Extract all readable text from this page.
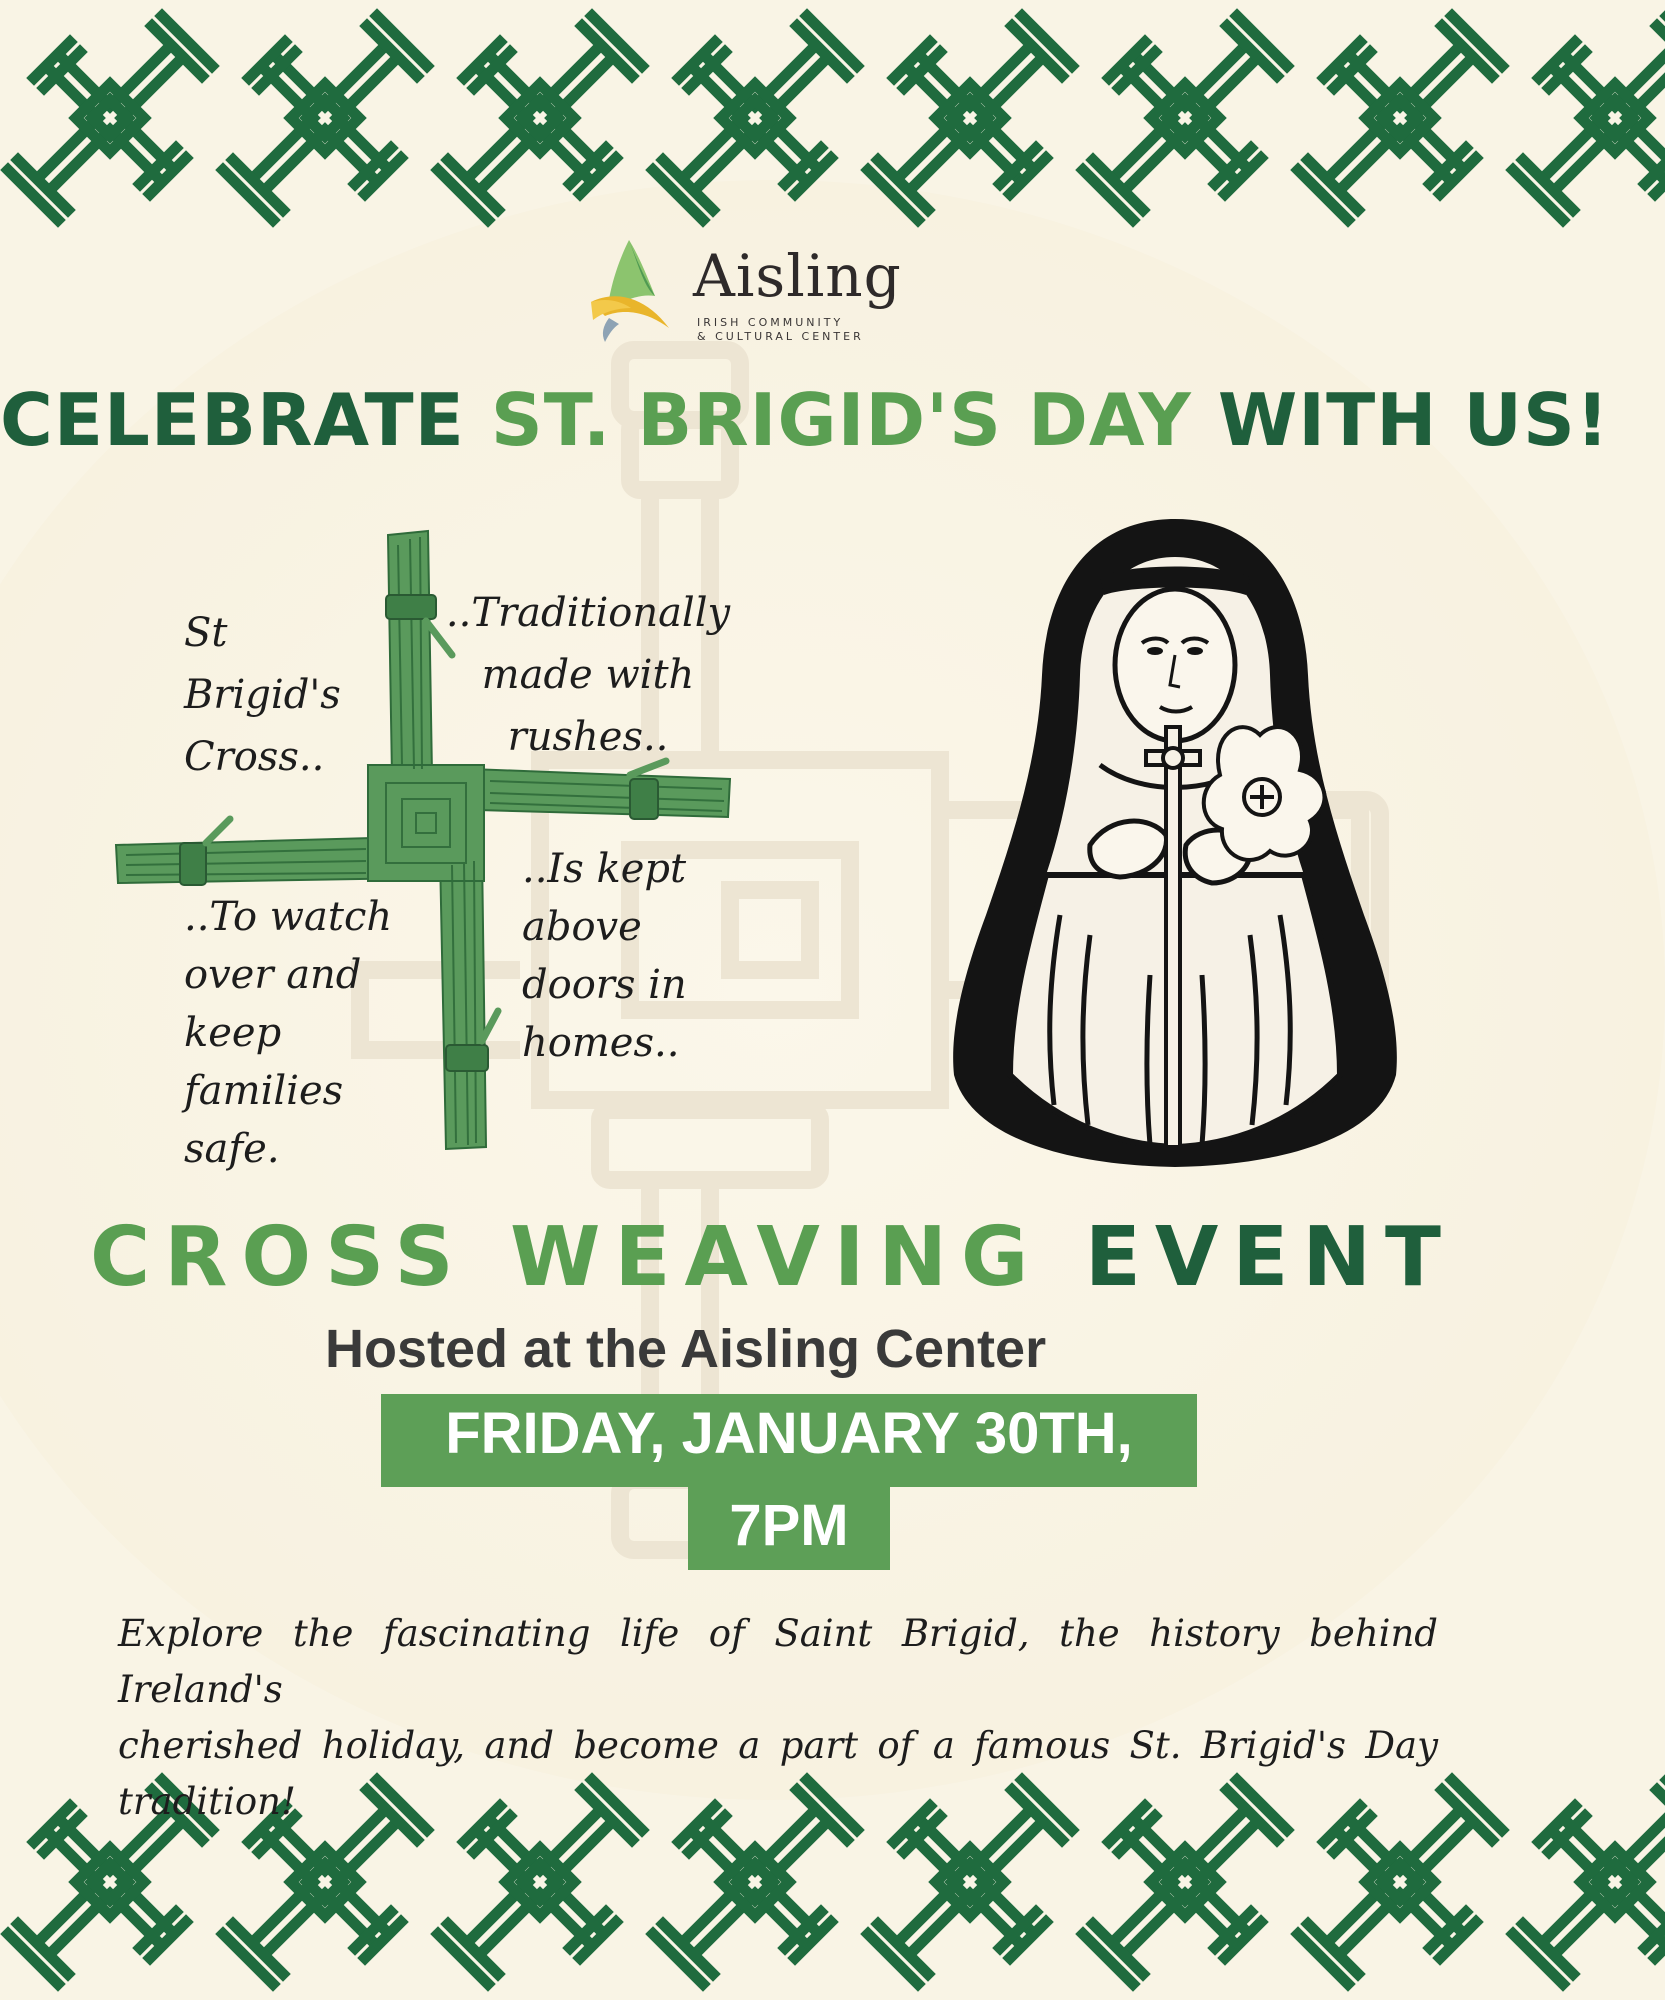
Aisling
IRISH COMMUNITY
& CULTURAL CENTER
CELEBRATE ST. BRIGID'S DAY WITH US!
St
Brigid's
Cross..
..Traditionally
made with
rushes..
..To watch
over and
keep families
safe.
..Is kept
above
doors in
homes..
CROSS WEAVING EVENT
Hosted at the Aisling Center
FRIDAY, JANUARY 30TH,
7PM
Explore the fascinating life of Saint Brigid, the history behind Ireland's
cherished holiday, and become a part of a famous St. Brigid's Day tradition!
